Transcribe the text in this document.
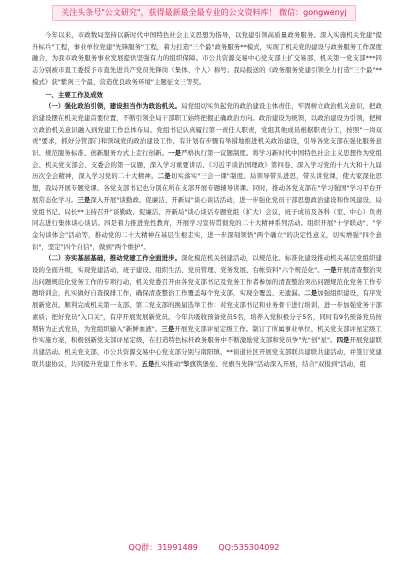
关注头条号"公文研究"，获得最新最全最专业的公文资料库！ 微信：gongwenyj

今年以来，市政数局坚持以新时代中国特色社会主义思想为指导，以党建引领高质量政务服务。深入实施机关党建"提升标兵"工程，事业单位党建"先锋服务"工程，着力打造"三个最"政务服务**模式，实现了机关党的建设与政务服务工作深度融合，为我市政务服务事业发展提供坚强有力的组织保障。市公共资源交易中心党支部上扩交易部、机关第一党支部***同志分别被市直工委授予市直先进共产党员先锋岗（集体、个人）称号；我局报送的《政务服务党建引领全力打造"三个最"**模式》获"紫剑三个最，营造优良政务环境"主题征文三等奖。

一、主要工作及成效

（一）强化政治引领，建设担当作为政治机关。局党组切实负起党的政治建设主体责任，牢固树立政治机关意识，把政治建设摆在机关党建首要位置，不断引领全局干部职工始终把握正确政治方向。政治建设为统领，以政治建设为引领，把树立政治机关意识融入到党建工作总体布局。党组书记认真履行第一责任人职责，党组其他成员根据职责分工，按照"一岗双责"要求，抓好分管部门和领域党的政治建设工作，有计划有步骤有举措地推进机关政治建设，引导各党支部在强化服务意识、规范服务标准、创新服务方式上走行创新。一是严格执行第一议题制度。将学习新时代中国特色社会主义思想作为党组会、机关党支部会、支委会的第一议题，深入学习重要讲话、《习近平谈治国理政》第四卷、深入学习党的十九大和十九届历次全会精神，深入学习党的二十大精神。二是切实落实"三会一课"制度。局领导带头进思，带头讲党课，使大家深化思想，我局开展专题党课、各党支部书记也分别在所在支部开展专题辅导讲课。同时，推动各党支部在"学习强国"学习平台开展常态化学习。三是深入开展"谈勤政、促廉洁、开新局"谈心谈话活动，进一步强化党员干部思想政治建设和作风建设，局党组书记、局长**主持召开"谈勤政、促廉洁、开新局"谈心谈话专题党组（扩大）会议，班子成员及各科（室、中心）负责同志进行集体谈心谈话。四是着力推进党性教育，开展学习宣传贯彻党的二十大精神系列活动。组织开展"十学联动"、"学金句谈体会"活动等，推动党的二十大精神在基层生根走实，进一步深刻领悟"两个确立"的决定性意义，切实增强"四个意识"，坚定"四个自信"，做到"两个维护"。

（二）夯实基层基础，推动党建工作全面进步。深化模范机关创建活动，以规范化、标准化建设推动机关基层党组织建设的全面升级，实现党建活动、班子建设、组织生活、党员管理、党务发展、台帐资料"六个规范化"。一是开展清查整治突出问题规范化党务工作的专项行动，机关党委召开由各党支部书记及党务工作者参加的清查整治突出问题规范化党务工作专题培训会，扎实做好自查摸排工作，确保清查整治工作覆盖每个党支部，实现全覆盖、无遗漏。二是加强组织建设，有序发展新党员。顺利完成机关第一支部、第二党支部的换届选举工作：对党支部书记和业务骨干进行培训，进一步加强党务干部素质；把好党员"入口关"，有序开展发展新党员。今年共吸收预备党员5名，培养入党积极分子5名，同时有9名预备党员按期转为正式党员，为党组织输入"新鲜血液"。三是开展党支部评星定级工作。制订了所属事业单位、机关党支部评星定级工作实施方案，积极创新党支部评星定级，在打造特色标杆政务服务中不断激励党支部和党员争"先"创"星"。四是开展党建联共建活动。机关党支部、市公共资源交易中心党支部分别与南阳镇、**街道社区开展党支部联共建联共建活动，并签订党建联共建协议，共同提升党建工作水平。五是扎实推动"擎旗筑堡垒、亮旗当先锋"活动深入开展，结合"双报到"活动，组

QQ群：31991489	QQ:535304092
